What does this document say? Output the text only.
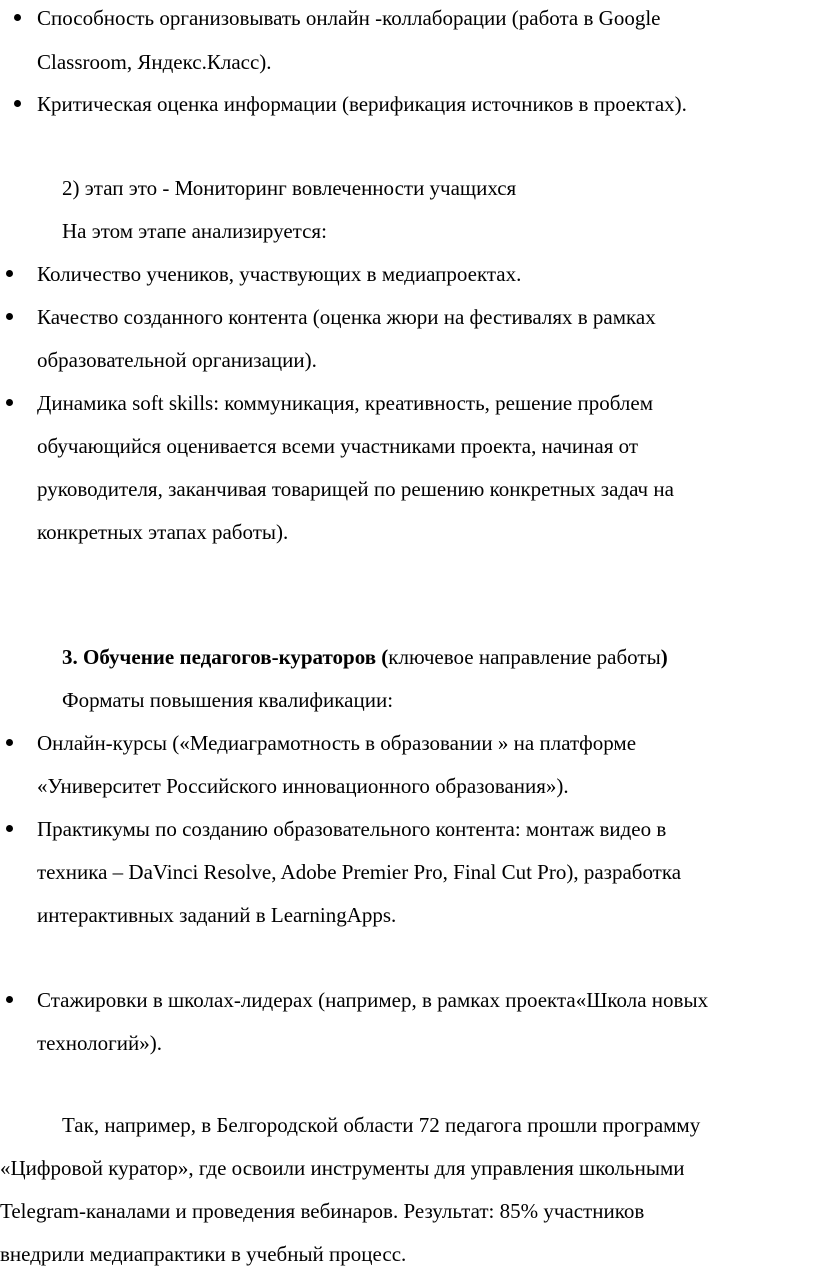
Способность организовывать онлайн -коллаборации (работа в Google
Classroom, Яндекс.Класс).
Критическая оценка информации (верификация источников в проектах).
2) этап это - Мониторинг вовлеченности учащихся
На этом этапе анализируется:
Количество учеников, участвующих в медиапроектах.
Качество созданного контента (оценка жюри на фестивалях в рамках
образовательной организации).
Динамика soft skills: коммуникация, креативность, решение проблем
обучающийся оценивается всеми участниками проекта, начиная от
руководителя, заканчивая товарищей по решению конкретных задач на
конкретных этапах работы).
3. Обучение педагогов-кураторов (ключевое направление работы)
Форматы повышения квалификации:
Онлайн-курсы («Медиаграмотность в образовании » на платформе
«Университет Российского инновационного образования»).
Практикумы по созданию образовательного контента: монтаж видео в
техника – DaVinci Resolve, Adobe Premier Pro, Final Cut Pro), разработка
интерактивных заданий в LearningApps.
Стажировки в школах-лидерах (например, в рамках проекта«Школа новых
технологий»).
Так, например, в Белгородской области 72 педагога прошли программу
«Цифровой куратор», где освоили инструменты для управления школьными
Telegram-каналами и проведения вебинаров. Результат: 85% участников
внедрили медиапрактики в учебный процесс.
